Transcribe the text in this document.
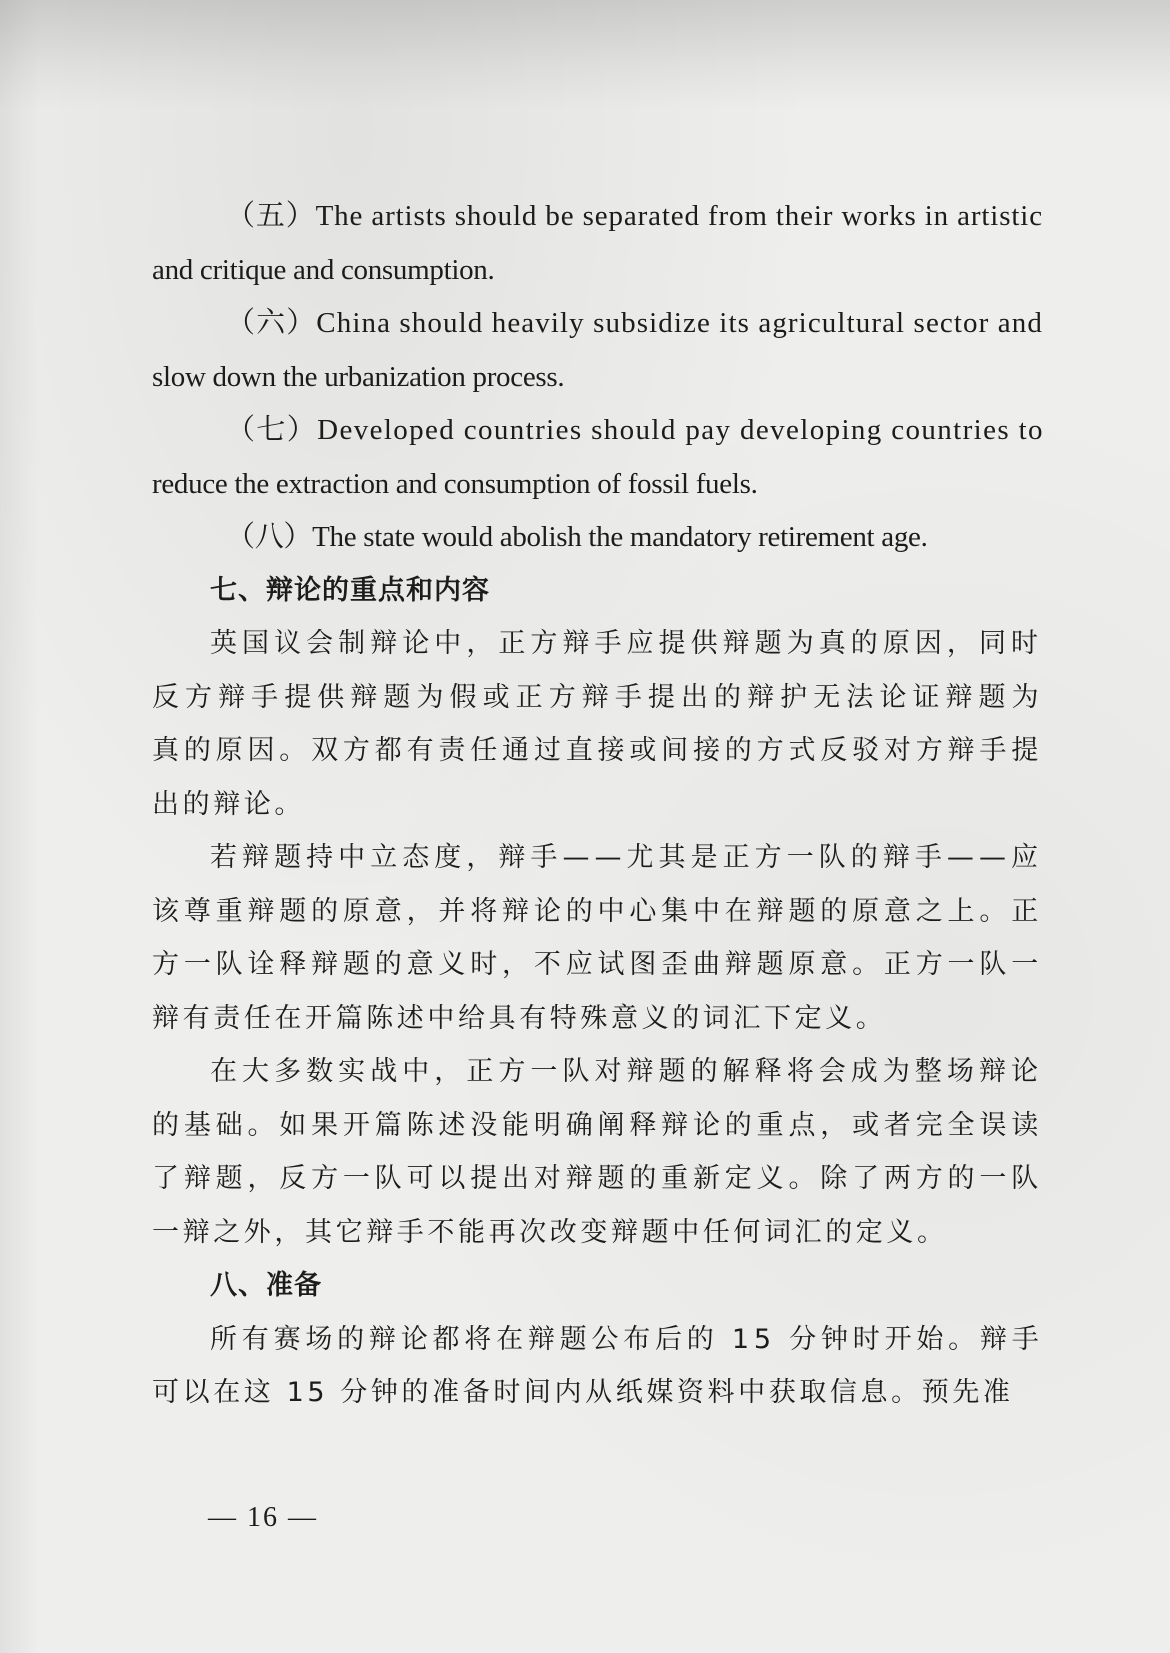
（五）The artists should be separated from their works in artistic
and critique and consumption.
（六）China should heavily subsidize its agricultural sector and
slow down the urbanization process.
（七）Developed countries should pay developing countries to
reduce the extraction and consumption of fossil fuels.
（八）The state would abolish the mandatory retirement age.
七、辩论的重点和内容
英国议会制辩论中，正方辩手应提供辩题为真的原因，同时
反方辩手提供辩题为假或正方辩手提出的辩护无法论证辩题为
真的原因。双方都有责任通过直接或间接的方式反驳对方辩手提
出的辩论。
若辩题持中立态度，辩手——尤其是正方一队的辩手——应
该尊重辩题的原意，并将辩论的中心集中在辩题的原意之上。正
方一队诠释辩题的意义时，不应试图歪曲辩题原意。正方一队一
辩有责任在开篇陈述中给具有特殊意义的词汇下定义。
在大多数实战中，正方一队对辩题的解释将会成为整场辩论
的基础。如果开篇陈述没能明确阐释辩论的重点，或者完全误读
了辩题，反方一队可以提出对辩题的重新定义。除了两方的一队
一辩之外，其它辩手不能再次改变辩题中任何词汇的定义。
八、准备
所有赛场的辩论都将在辩题公布后的 15 分钟时开始。辩手
可以在这 15 分钟的准备时间内从纸媒资料中获取信息。预先准
— 16 —
